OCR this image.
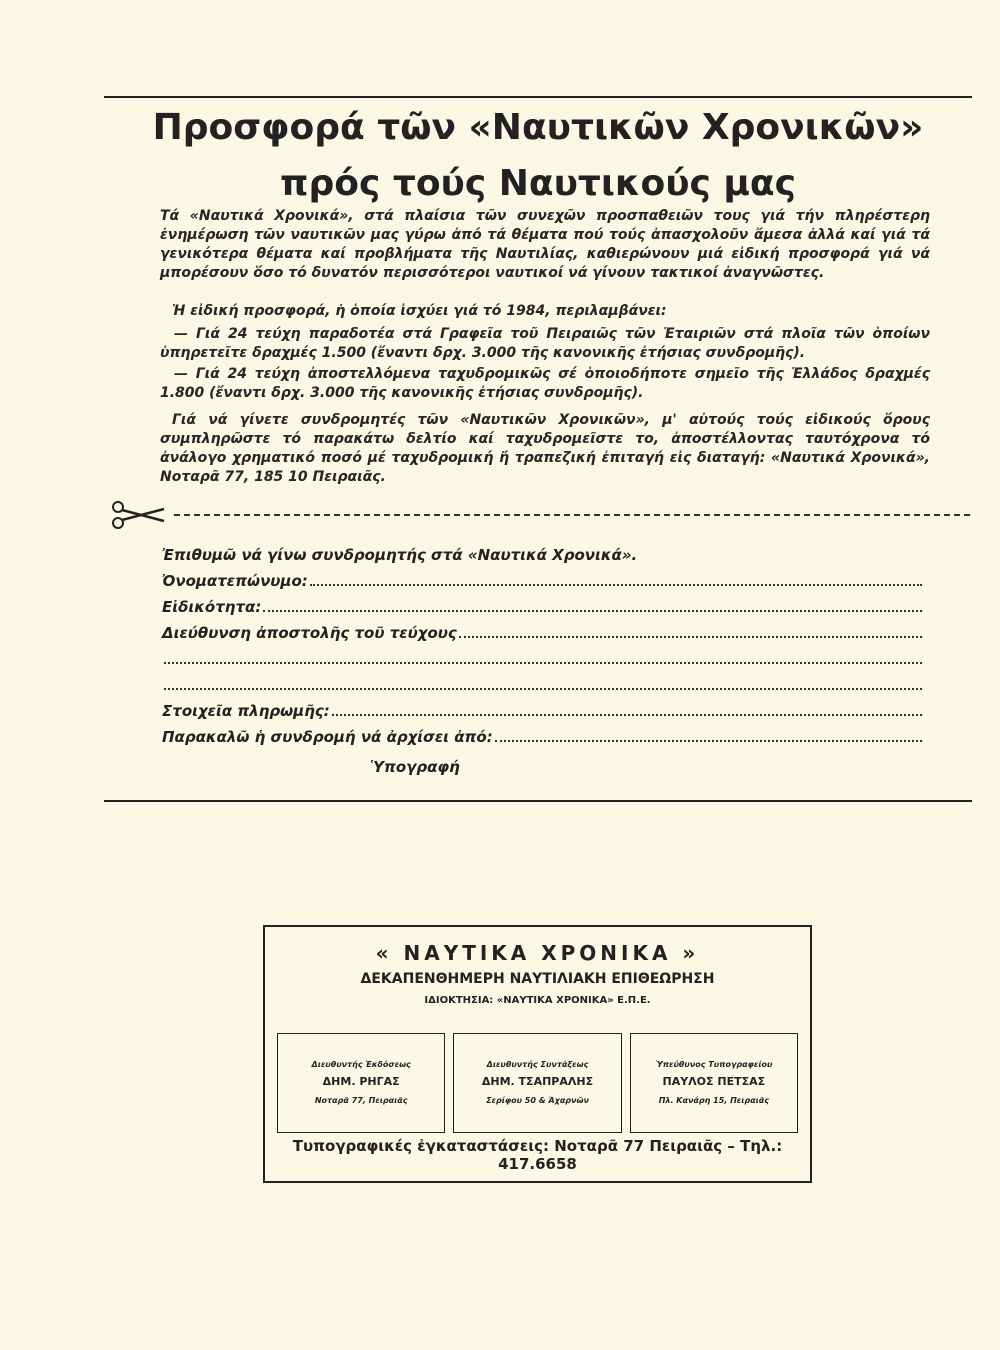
Προσφορά τῶν «Ναυτικῶν Χρονικῶν»
πρός τούς Ναυτικούς μας

Τά «Ναυτικά Χρονικά», στά πλαίσια τῶν συνεχῶν προσπαθειῶν τους γιά τήν πληρέστερη ἐνημέρωση τῶν ναυτικῶν μας γύρω ἀπό τά θέματα πού τούς ἀπασχολοῦν ἄμεσα ἀλλά καί γιά τά γενικότερα θέματα καί προβλήματα τῆς Ναυτιλίας, καθιερώνουν μιά εἰδική προσφορά γιά νά μπορέσουν ὅσο τό δυνατόν περισσότεροι ναυτικοί νά γίνουν τακτικοί ἀναγνῶστες.

Ἡ εἰδική προσφορά, ἡ ὁποία ἰσχύει γιά τό 1984, περιλαμβάνει:

— Γιά 24 τεύχη παραδοτέα στά Γραφεῖα τοῦ Πειραιῶς τῶν Ἑταιριῶν στά πλοῖα τῶν ὁποίων ὑπηρετεῖτε δραχμές 1.500 (ἔναντι δρχ. 3.000 τῆς κανονικῆς ἐτήσιας συνδρομῆς).

— Γιά 24 τεύχη ἀποστελλόμενα ταχυδρομικῶς σέ ὁποιοδήποτε σημεῖο τῆς Ἑλλάδος δραχμές 1.800 (ἔναντι δρχ. 3.000 τῆς κανονικῆς ἐτήσιας συνδρομῆς).

Γιά νά γίνετε συνδρομητές τῶν «Ναυτικῶν Χρονικῶν», μ' αὐτούς τούς εἰδικούς ὅρους συμπληρῶστε τό παρακάτω δελτίο καί ταχυδρομεῖστε το, ἀποστέλλοντας ταυτόχρονα τό ἀνάλογο χρηματικό ποσό μέ ταχυδρομική ἤ τραπεζική ἐπιταγή εἰς διαταγή: «Ναυτικά Χρονικά», Νοταρᾶ 77, 185 10 Πειραιᾶς.

Ἐπιθυμῶ νά γίνω συνδρομητής στά «Ναυτικά Χρονικά».
Ὀνοματεπώνυμο:
Εἰδικότητα:
Διεύθυνση ἀποστολῆς τοῦ τεύχους
Στοιχεῖα πληρωμῆς:
Παρακαλῶ ἡ συνδρομή νά ἀρχίσει ἀπό:
Ὑπογραφή
« ΝΑΥΤΙΚΑ ΧΡΟΝΙΚΑ »
ΔΕΚΑΠΕΝΘΗΜΕΡΗ ΝΑΥΤΙΛΙΑΚΗ ΕΠΙΘΕΩΡΗΣΗ
ΙΔΙΟΚΤΗΣΙΑ: «ΝΑΥΤΙΚΑ ΧΡΟΝΙΚΑ» Ε.Π.Ε.
Διευθυντής Ἐκδόσεως
ΔΗΜ. ΡΗΓΑΣ
Νοταρᾶ 77, Πειραιᾶς
Διευθυντής Συντάξεως
ΔΗΜ. ΤΣΑΠΡΑΛΗΣ
Σερίφου 50 & Ἀχαρνῶν
Ὑπεύθυνος Τυπογραφείου
ΠΑΥΛΟΣ ΠΕΤΣΑΣ
Πλ. Κανάρη 15, Πειραιᾶς
Τυπογραφικές ἐγκαταστάσεις: Νοταρᾶ 77 Πειραιᾶς – Τηλ.: 417.6658
